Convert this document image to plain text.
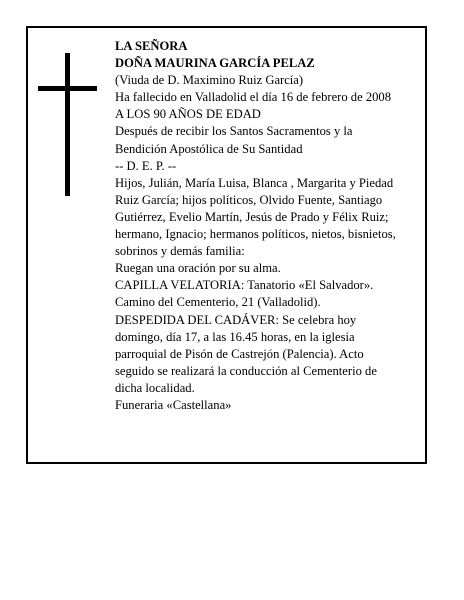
LA SEÑORA
DOÑA MAURINA GARCÍA PELAZ
(Viuda de D. Maximino Ruiz García)
Ha fallecido en Valladolid el día 16 de febrero de 2008
A LOS 90 AÑOS DE EDAD
Después de recibir los Santos Sacramentos y la
Bendición Apostólica de Su Santidad
-- D. E. P. --
Hijos, Julián, María Luisa, Blanca , Margarita y Piedad
Ruiz García; hijos políticos, Olvido Fuente, Santiago
Gutiérrez, Evelio Martín, Jesús de Prado y Félix Ruiz;
hermano, Ignacio; hermanos políticos, nietos, bisnietos,
sobrinos y demás familia:
Ruegan una oración por su alma.
CAPILLA VELATORIA: Tanatorio «El Salvador».
Camino del Cementerio, 21 (Valladolid).
DESPEDIDA DEL CADÁVER: Se celebra hoy
domingo, día 17, a las 16.45 horas, en la iglesia
parroquial de Pisón de Castrejón (Palencia). Acto
seguido se realizará la conducción al Cementerio de
dicha localidad.
Funeraria «Castellana»
